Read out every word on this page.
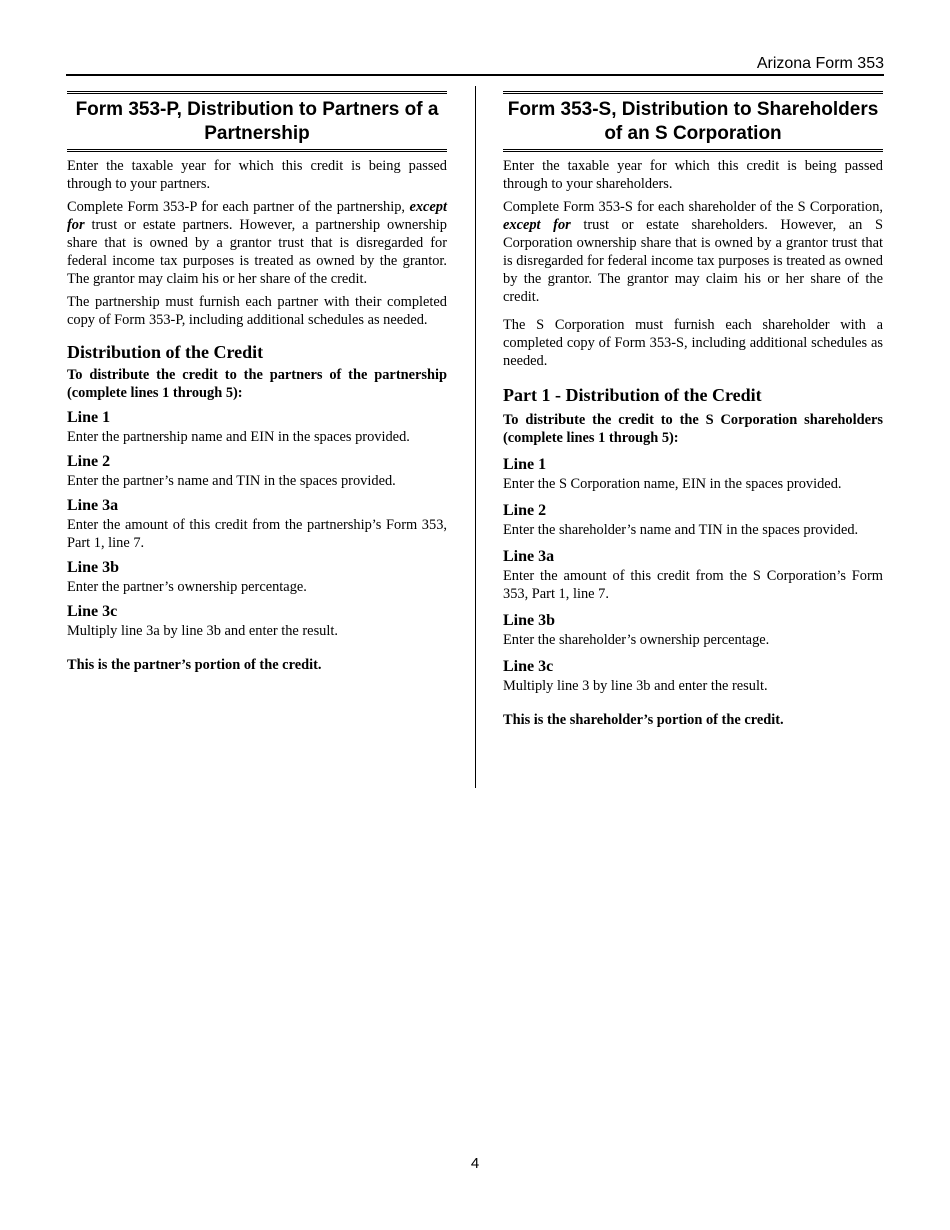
Arizona Form 353
Form 353-P, Distribution to Partners of a Partnership

Enter the taxable year for which this credit is being passed through to your partners.

Complete Form 353-P for each partner of the partnership, except for trust or estate partners. However, a partnership ownership share that is owned by a grantor trust that is disregarded for federal income tax purposes is treated as owned by the grantor. The grantor may claim his or her share of the credit.

The partnership must furnish each partner with their completed copy of Form 353-P, including additional schedules as needed.

Distribution of the Credit

To distribute the credit to the partners of the partnership (complete lines 1 through 5):

Line 1

Enter the partnership name and EIN in the spaces provided.

Line 2

Enter the partner’s name and TIN in the spaces provided.

Line 3a

Enter the amount of this credit from the partnership’s Form 353, Part 1, line 7.

Line 3b

Enter the partner’s ownership percentage.

Line 3c

Multiply line 3a by line 3b and enter the result.

This is the partner’s portion of the credit.

Form 353-S, Distribution to Shareholders of an S Corporation

Enter the taxable year for which this credit is being passed through to your shareholders.

Complete Form 353-S for each shareholder of the S Corporation, except for trust or estate shareholders. However, an S Corporation ownership share that is owned by a grantor trust that is disregarded for federal income tax purposes is treated as owned by the grantor. The grantor may claim his or her share of the credit.

The S Corporation must furnish each shareholder with a completed copy of Form 353-S, including additional schedules as needed.

Part 1 - Distribution of the Credit

To distribute the credit to the S Corporation shareholders (complete lines 1 through 5):

Line 1

Enter the S Corporation name, EIN in the spaces provided.

Line 2

Enter the shareholder’s name and TIN in the spaces provided.

Line 3a

Enter the amount of this credit from the S Corporation’s Form 353, Part 1, line 7.

Line 3b

Enter the shareholder’s ownership percentage.

Line 3c

Multiply line 3 by line 3b and enter the result.

This is the shareholder’s portion of the credit.

4
